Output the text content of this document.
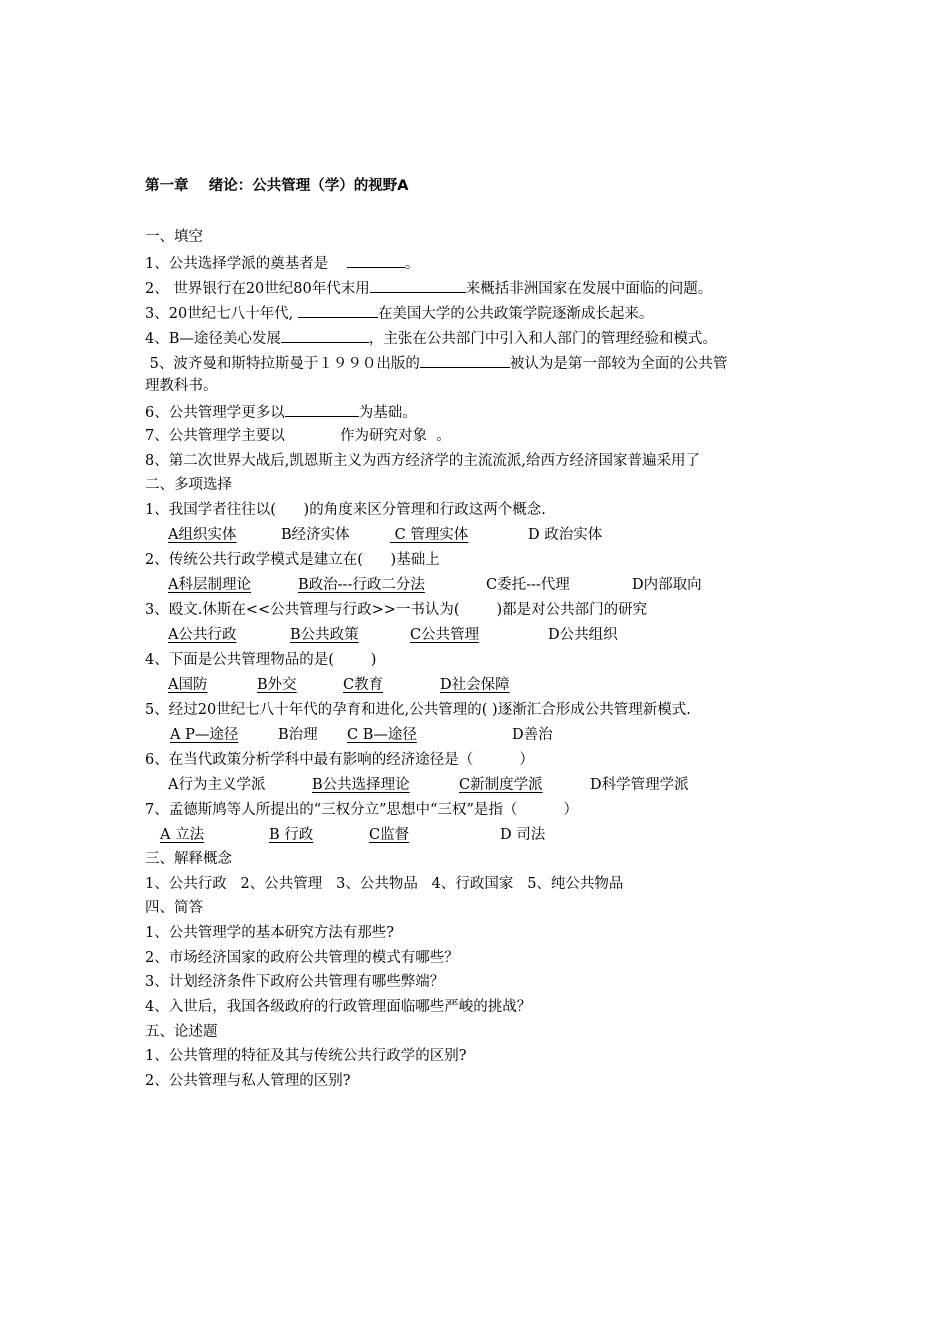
第一章    绪论：公共管理（学）的视野A
一、填空
1、公共选择学派的奠基者是	。
2、 世界银行在20世纪80年代末用	来概括非洲国家在发展中面临的问题。
3、20世纪七八十年代,	在美国大学的公共政策学院逐渐成长起来。
4、B—途径美心发展	，主张在公共部门中引入和人部门的管理经验和模式。
5、波齐曼和斯特拉斯曼于１９９０出版的	被认为是第一部较为全面的公共管
理教科书。
6、公共管理学更多以	为基础。
7、公共管理学主要以            作为研究对象  。
8、第二次世界大战后,凯恩斯主义为西方经济学的主流流派,给西方经济国家普遍采用了
二、多项选择
1、我国学者往往以(      )的角度来区分管理和行政这两个概念.
A组织实体	B经济实体	C 管理实体	D 政治实体
2、传统公共行政学模式是建立在(      )基础上
A科层制理论	B政治---行政二分法	C委托---代理	D内部取向
3、殴文.休斯在<<公共管理与行政>>一书认为(        )都是对公共部门的研究
A公共行政	B公共政策	C公共管理	D公共组织
4、下面是公共管理物品的是(        )
A国防	B外交	C教育	D社会保障
5、经过20世纪七八十年代的孕育和进化,公共管理的( )逐渐汇合形成公共管理新模式.
A P—途径	B治理	C B—途径	D善治
6、在当代政策分析学科中最有影响的经济途径是（          ）
A行为主义学派	B公共选择理论	C新制度学派	D科学管理学派
7、孟德斯鸠等人所提出的“三权分立”思想中“三权”是指（          ）
A 立法	B 行政	C监督	D 司法
三、解释概念
1、公共行政   2、公共管理   3、公共物品   4、行政国家   5、纯公共物品
四、简答
1、公共管理学的基本研究方法有那些?
2、市场经济国家的政府公共管理的模式有哪些？
3、计划经济条件下政府公共管理有哪些弊端？
4、入世后，我国各级政府的行政管理面临哪些严峻的挑战？
五、论述题
1、公共管理的特征及其与传统公共行政学的区别?
2、公共管理与私人管理的区别?
